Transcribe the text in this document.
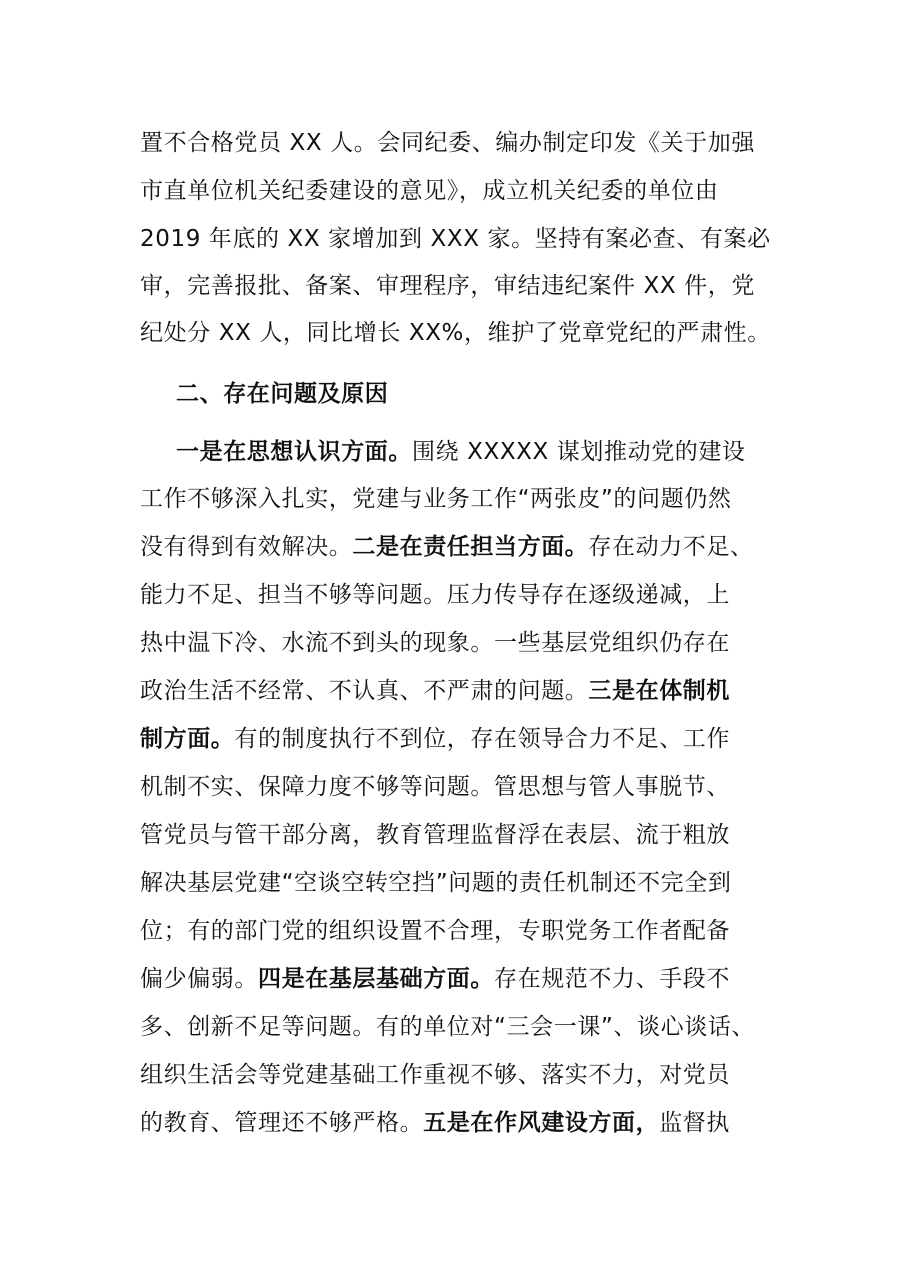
置不合格党员 XX 人。会同纪委、编办制定印发《关于加强
市直单位机关纪委建设的意见》，成立机关纪委的单位由
2019 年底的 XX 家增加到 XXX 家。坚持有案必查、有案必
审，完善报批、备案、审理程序，审结违纪案件 XX 件，党
纪处分 XX 人，同比增长 XX%，维护了党章党纪的严肃性。
二、存在问题及原因
一是在思想认识方面。围绕 XXXXX 谋划推动党的建设
工作不够深入扎实，党建与业务工作“两张皮”的问题仍然
没有得到有效解决。二是在责任担当方面。存在动力不足、
能力不足、担当不够等问题。压力传导存在逐级递减，上
热中温下冷、水流不到头的现象。一些基层党组织仍存在
政治生活不经常、不认真、不严肃的问题。三是在体制机
制方面。有的制度执行不到位，存在领导合力不足、工作
机制不实、保障力度不够等问题。管思想与管人事脱节、
管党员与管干部分离，教育管理监督浮在表层、流于粗放
解决基层党建“空谈空转空挡”问题的责任机制还不完全到
位；有的部门党的组织设置不合理，专职党务工作者配备
偏少偏弱。四是在基层基础方面。存在规范不力、手段不
多、创新不足等问题。有的单位对“三会一课”、谈心谈话、
组织生活会等党建基础工作重视不够、落实不力，对党员
的教育、管理还不够严格。五是在作风建设方面，监督执
